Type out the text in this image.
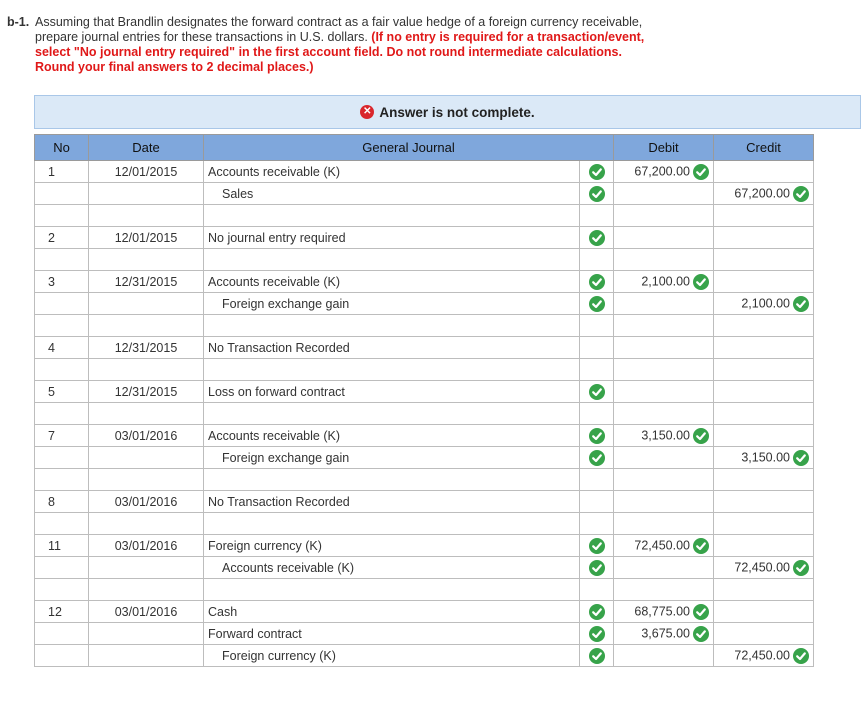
b-1. Assuming that Brandlin designates the forward contract as a fair value hedge of a foreign currency receivable, prepare journal entries for these transactions in U.S. dollars. (If no entry is required for a transaction/event, select "No journal entry required" in the first account field. Do not round intermediate calculations. Round your final answers to 2 decimal places.)
✕ Answer is not complete.
No	Date	General Journal		Debit	Credit
1	12/01/2015	Accounts receivable (K)		67,200.00

		Sales			67,200.00

2	12/01/2015	No journal entry required	

3	12/31/2015	Accounts receivable (K)		2,100.00

		Foreign exchange gain			2,100.00

4	12/31/2015	No Transaction Recorded			

5	12/31/2015	Loss on forward contract	

7	03/01/2016	Accounts receivable (K)		3,150.00

		Foreign exchange gain			3,150.00

8	03/01/2016	No Transaction Recorded			

11	03/01/2016	Foreign currency (K)		72,450.00

		Accounts receivable (K)			72,450.00

12	03/01/2016	Cash		68,775.00

		Forward contract		3,675.00

		Foreign currency (K)			72,450.00
